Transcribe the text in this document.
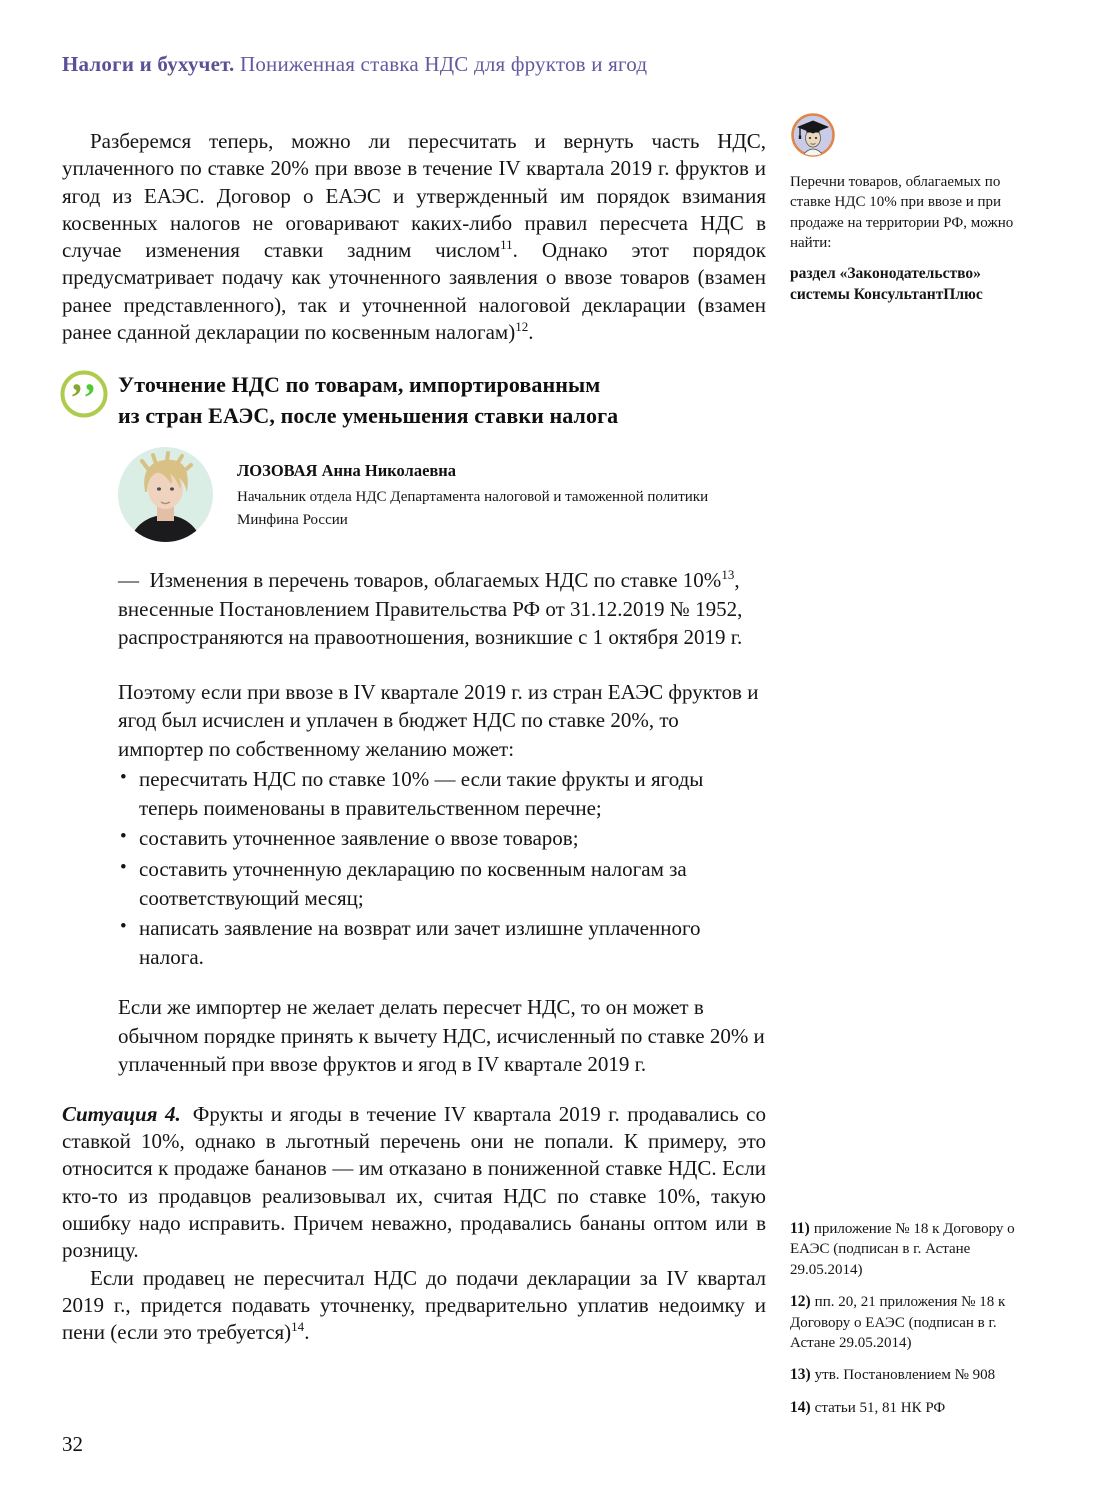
Налоги и бухучет. Пониженная ставка НДС для фруктов и ягод

Разберемся теперь, можно ли пересчитать и вернуть часть НДС, уплаченного по ставке 20% при ввозе в течение IV квартала 2019 г. фруктов и ягод из ЕАЭС. Договор о ЕАЭС и утвержденный им порядок взимания косвенных налогов не оговаривают каких-либо правил пересчета НДС в случае изменения ставки задним числом$^{11}$. Однако этот порядок предусматривает подачу как уточненного заявления о ввозе товаров (взамен ранее представленного), так и уточненной налоговой декларации (взамен ранее сданной декларации по косвенным налогам)$^{12}$.

’ ’ Уточнение НДС по товарам, импортированным
из стран ЕАЭС, после уменьшения ставки налога
ЛОЗОВАЯ Анна Николаевна
Начальник отдела НДС Департамента налоговой и таможенной политики Минфина России

—  Изменения в перечень товаров, облагаемых НДС по ставке 10%$^{13}$, внесенные Постановлением Правительства РФ от 31.12.2019 № 1952, распространяются на правоотношения, возникшие с 1 октября 2019 г.

Поэтому если при ввозе в IV квартале 2019 г. из стран ЕАЭС фруктов и ягод был исчислен и уплачен в бюджет НДС по ставке 20%, то импортер по собственному желанию может:

• пересчитать НДС по ставке 10% — если такие фрукты и ягоды теперь поименованы в правительственном перечне;
• составить уточненное заявление о ввозе товаров;
• составить уточненную декларацию по косвенным налогам за соответствующий месяц;
• написать заявление на возврат или зачет излишне уплаченного налога.

Если же импортер не желает делать пересчет НДС, то он может в обычном порядке принять к вычету НДС, исчисленный по ставке 20% и уплаченный при ввозе фруктов и ягод в IV квартале 2019 г.

Ситуация 4. Фрукты и ягоды в течение IV квартала 2019 г. продавались со ставкой 10%, однако в льготный перечень они не попали. К примеру, это относится к продаже бананов — им отказано в пониженной ставке НДС. Если кто-то из продавцов реализовывал их, считая НДС по ставке 10%, такую ошибку надо исправить. Причем неважно, продавались бананы оптом или в розницу.

Если продавец не пересчитал НДС до подачи декларации за IV квартал 2019 г., придется подавать уточненку, предварительно уплатив недоимку и пени (если это требуется)$^{14}$.

Перечни товаров, облагаемых по ставке НДС 10% при ввозе и при продаже на территории РФ, можно найти:
раздел «Законодательство» системы КонсультантПлюс
11) приложение № 18 к Договору о ЕАЭС (подписан в г. Астане 29.05.2014)
12) пп. 20, 21 приложения № 18 к Договору о ЕАЭС (подписан в г. Астане 29.05.2014)
13) утв. Постановлением № 908
14) статьи 51, 81 НК РФ
32
